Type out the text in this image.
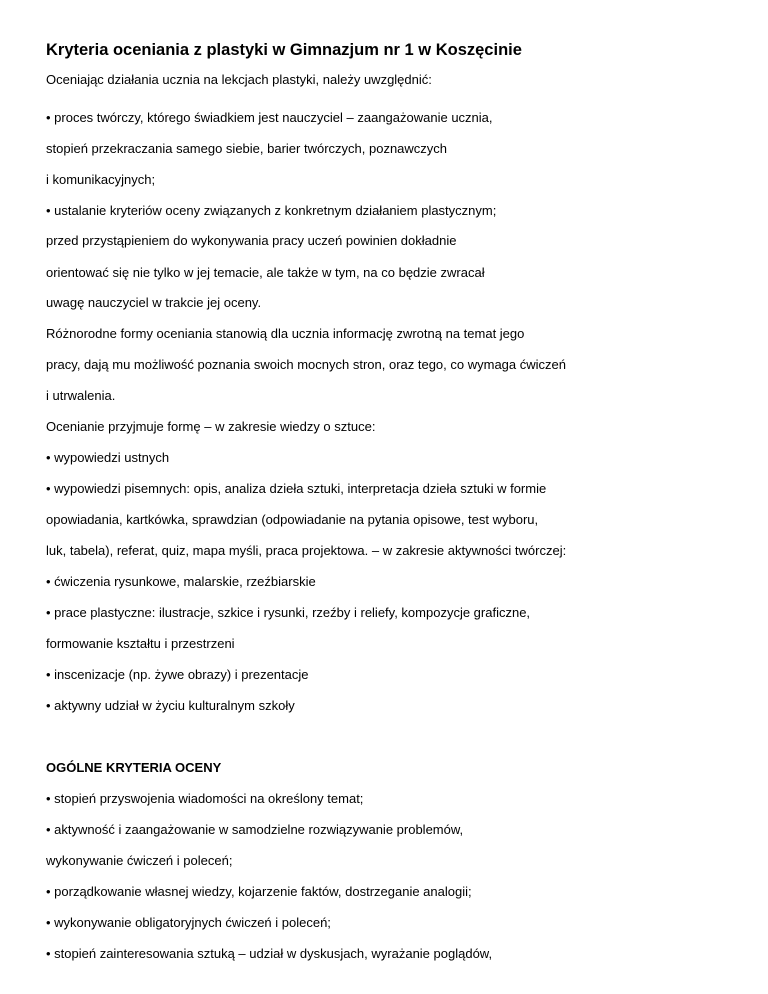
Kryteria oceniania z plastyki w Gimnazjum nr 1 w Koszęcinie

Oceniając działania ucznia na lekcjach plastyki, należy uwzględnić:

• proces twórczy, którego świadkiem jest nauczyciel – zaangażowanie ucznia,

stopień przekraczania samego siebie, barier twórczych, poznawczych

i komunikacyjnych;

• ustalanie kryteriów oceny związanych z konkretnym działaniem plastycznym;

przed przystąpieniem do wykonywania pracy uczeń powinien dokładnie

orientować się nie tylko w jej temacie, ale także w tym, na co będzie zwracał

uwagę nauczyciel w trakcie jej oceny.

Różnorodne formy oceniania stanowią dla ucznia informację zwrotną na temat jego

pracy, dają mu możliwość poznania swoich mocnych stron, oraz tego, co wymaga ćwiczeń

i utrwalenia.

Ocenianie przyjmuje formę – w zakresie wiedzy o sztuce:

• wypowiedzi ustnych

• wypowiedzi pisemnych: opis, analiza dzieła sztuki, interpretacja dzieła sztuki w formie

opowiadania, kartkówka, sprawdzian (odpowiadanie na pytania opisowe, test wyboru,

luk, tabela), referat, quiz, mapa myśli, praca projektowa. – w zakresie aktywności twórczej:

• ćwiczenia rysunkowe, malarskie, rzeźbiarskie

• prace plastyczne: ilustracje, szkice i rysunki, rzeźby i reliefy, kompozycje graficzne,

formowanie kształtu i przestrzeni

• inscenizacje (np. żywe obrazy) i prezentacje

• aktywny udział w życiu kulturalnym szkoły

OGÓLNE KRYTERIA OCENY

• stopień przyswojenia wiadomości na określony temat;

• aktywność i zaangażowanie w samodzielne rozwiązywanie problemów,

wykonywanie ćwiczeń i poleceń;

• porządkowanie własnej wiedzy, kojarzenie faktów, dostrzeganie analogii;

• wykonywanie obligatoryjnych ćwiczeń i poleceń;

• stopień zainteresowania sztuką – udział w dyskusjach, wyrażanie poglądów,
